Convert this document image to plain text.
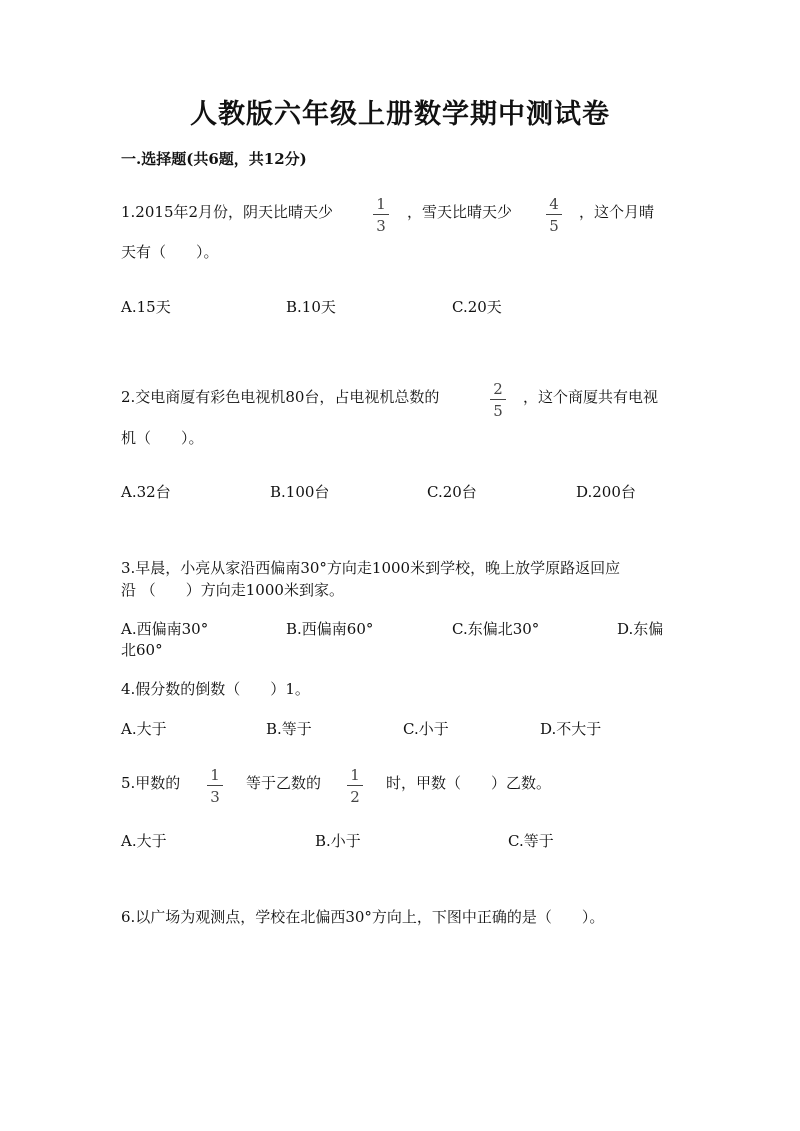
人教版六年级上册数学期中测试卷
一.选择题(共6题，共12分)
1.2015年2月份，阴天比晴天少	1
3
，雪天比晴天少 4
5
，这个月晴
天有（　　）。
A.15天	B.10天	C.20天
2.交电商厦有彩色电视机80台，占电视机总数的	2
5
，这个商厦共有电视
机（　　）。
A.32台	B.100台	C.20台	D.200台
3.早晨，小亮从家沿西偏南30°方向走1000米到学校，晚上放学原路返回应
沿 （　　）方向走1000米到家。
A.西偏南30°	B.西偏南60°	C.东偏北30°	D.东偏
北60°
4.假分数的倒数（　　）1。
A.大于	B.等于	C.小于	D.不大于
5.甲数的 1
3
等于乙数的 1
2
时，甲数（　　）乙数。
A.大于	B.小于	C.等于
6.以广场为观测点，学校在北偏西30°方向上，下图中正确的是（　　）。
